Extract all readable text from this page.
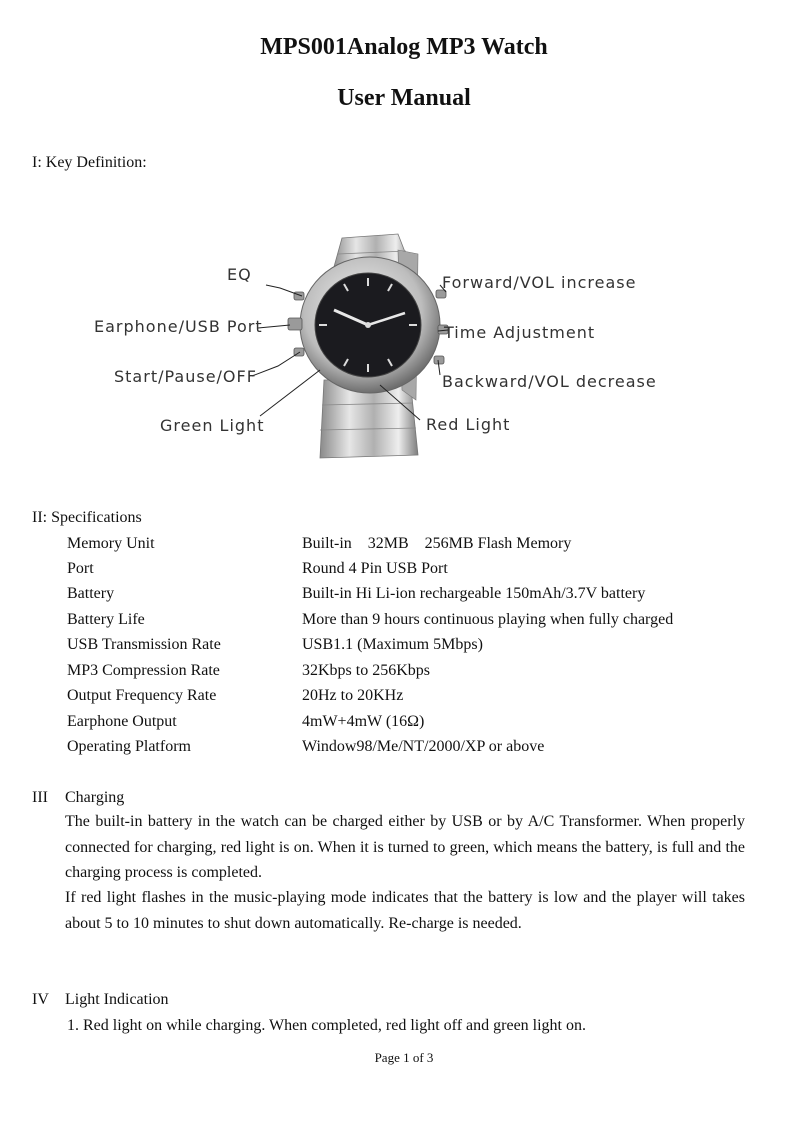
MPS001Analog MP3 Watch
User Manual
I: Key Definition:
EQ
Earphone/USB Port
Start/Pause/OFF
Green Light
Forward/VOL increase
Time Adjustment
Backward/VOL decrease
Red Light
II: Specifications
Memory Unit	Built-in    32MB    256MB Flash Memory
Port	Round 4 Pin USB Port
Battery	Built-in Hi Li-ion rechargeable 150mAh/3.7V battery
Battery Life	More than 9 hours continuous playing when fully charged
USB Transmission Rate	USB1.1 (Maximum 5Mbps)
MP3 Compression Rate	32Kbps to 256Kbps
Output Frequency Rate	20Hz to 20KHz
Earphone Output	4mW+4mW (16Ω)
Operating Platform	Window98/Me/NT/2000/XP or above
III Charging
The built-in battery in the watch can be charged either by USB or by A/C Transformer. When properly connected for charging, red light is on. When it is turned to green, which means the battery, is full and the charging process is completed.
If red light flashes in the music-playing mode indicates that the battery is low and the player will takes about 5 to 10 minutes to shut down automatically. Re-charge is needed.
IV Light Indication
1. Red light on while charging. When completed, red light off and green light on.
Page 1 of 3
